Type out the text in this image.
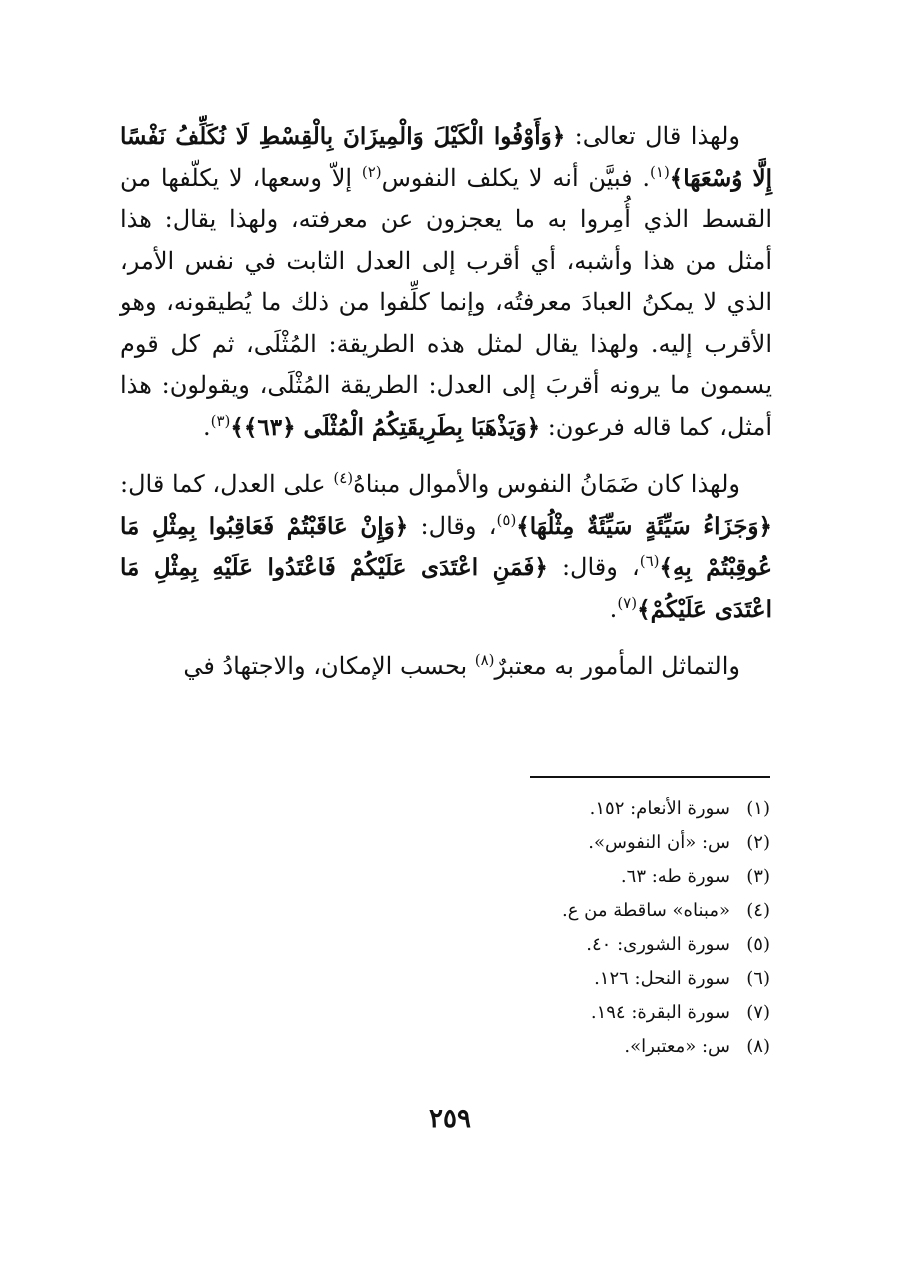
ولهذا قال تعالى: ﴿وَأَوْفُوا الْكَيْلَ وَالْمِيزَانَ بِالْقِسْطِ لَا نُكَلِّفُ نَفْسًا إِلَّا وُسْعَهَا﴾$^{(١)}$. فبيَّن أنه لا يكلف النفوس$^{(٢)}$ إلاّ وسعها، لا يكلّفها من القسط الذي أُمِروا به ما يعجزون عن معرفته، ولهذا يقال: هذا أمثل من هذا وأشبه، أي أقرب إلى العدل الثابت في نفس الأمر، الذي لا يمكنُ العبادَ معرفتُه، وإنما كلِّفوا من ذلك ما يُطيقونه، وهو الأقرب إليه. ولهذا يقال لمثل هذه الطريقة: المُثْلَى، ثم كل قوم يسمون ما يرونه أقربَ إلى العدل: الطريقة المُثْلَى، ويقولون: هذا أمثل، كما قاله فرعون: ﴿وَيَذْهَبَا بِطَرِيقَتِكُمُ الْمُثْلَى ﴿٦٣﴾﴾$^{(٣)}$.

ولهذا كان ضَمَانُ النفوس والأموال مبناهُ$^{(٤)}$ على العدل، كما قال: ﴿وَجَزَاءُ سَيِّئَةٍ سَيِّئَةٌ مِثْلُهَا﴾$^{(٥)}$، وقال: ﴿وَإِنْ عَاقَبْتُمْ فَعَاقِبُوا بِمِثْلِ مَا عُوقِبْتُمْ بِهِ﴾$^{(٦)}$، وقال: ﴿فَمَنِ اعْتَدَى عَلَيْكُمْ فَاعْتَدُوا عَلَيْهِ بِمِثْلِ مَا اعْتَدَى عَلَيْكُمْ﴾$^{(٧)}$.

والتماثل المأمور به معتبرٌ$^{(٨)}$ بحسب الإمكان، والاجتهادُ في

(١)سورة الأنعام: ١٥٢.
(٢)س: «أن النفوس».
(٣)سورة طه: ٦٣.
(٤)«مبناه» ساقطة من ع.
(٥)سورة الشورى: ٤٠.
(٦)سورة النحل: ١٢٦.
(٧)سورة البقرة: ١٩٤.
(٨)س: «معتبرا».
٢٥٩
